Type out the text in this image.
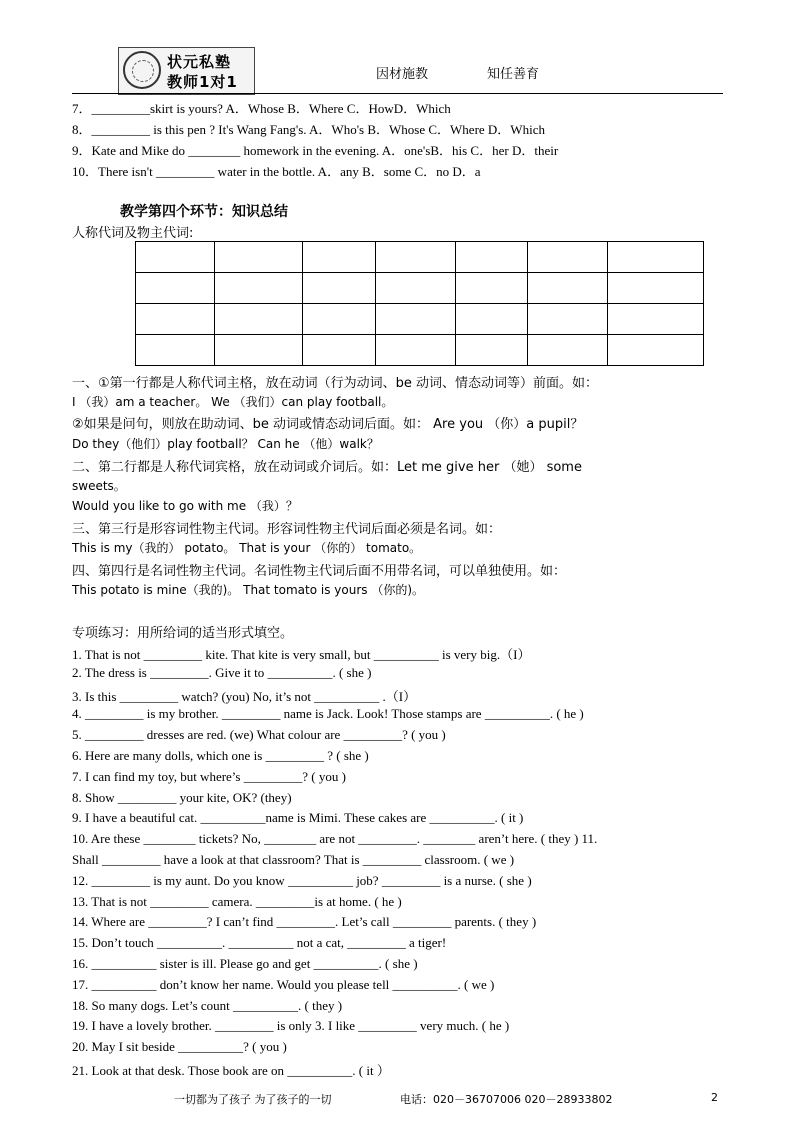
状元私塾
教师1对1	因材施教	知任善育
7．_________skirt is yours? A．Whose B．Where C．HowD．Which
8．_________ is this pen ? It's Wang Fang's. A．Who's B．Whose C．Where D．Which
9．Kate and Mike do ________ homework in the evening. A．one'sB．his C．her D．their
10．There isn't _________ water in the bottle. A．any B．some C．no D．a
教学第四个环节：知识总结
人称代词及物主代词:

一、①第一行都是人称代词主格，放在动词（行为动词、be 动词、情态动词等）前面。如：
I （我）am a teacher。 We （我们）can play football。
②如果是问句，则放在助动词、be 动词或情态动词后面。如： Are you （你）a pupil？
Do they（他们）play football？ Can he （他）walk？
二、第二行都是人称代词宾格，放在动词或介词后。如：Let me give her （她） some
sweets。
Would you like to go with me （我）？
三、第三行是形容词性物主代词。形容词性物主代词后面必须是名词。如：
This is my（我的） potato。 That is your （你的） tomato。
四、第四行是名词性物主代词。名词性物主代词后面不用带名词，可以单独使用。如：
This potato is mine（我的)。 That tomato is yours （你的)。
专项练习：用所给词的适当形式填空。
1. That is not _________ kite. That kite is very small, but __________ is very big.（I）
2. The dress is _________. Give it to __________. ( she )
3. Is this _________ watch? (you) No, it’s not __________ .（I）
4. _________ is my brother. _________ name is Jack. Look! Those stamps are __________. ( he )
5. _________ dresses are red. (we) What colour are _________? ( you )
6. Here are many dolls, which one is _________ ? ( she )
7. I can find my toy, but where’s _________? ( you )
8. Show _________ your kite, OK? (they)
9. I have a beautiful cat. __________name is Mimi. These cakes are __________. ( it )
10. Are these ________ tickets? No, ________ are not _________. ________ aren’t here. ( they ) 11.
Shall _________ have a look at that classroom? That is _________ classroom. ( we )
12. _________ is my aunt. Do you know __________ job? _________ is a nurse. ( she )
13. That is not _________ camera. _________is at home. ( he )
14. Where are _________? I can’t find _________. Let’s call _________ parents. ( they )
15. Don’t touch __________. __________ not a cat, _________ a tiger!
16. __________ sister is ill. Please go and get __________. ( she )
17. __________ don’t know her name. Would you please tell __________. ( we )
18. So many dogs. Let’s count __________. ( they )
19. I have a lovely brother. _________ is only 3. I like _________ very much. ( he )
20. May I sit beside __________? ( you )
21. Look at that desk. Those book are on __________. ( it ）
一切都为了孩子 为了孩子的一切	电话：020－36707006 020－28933802	2
